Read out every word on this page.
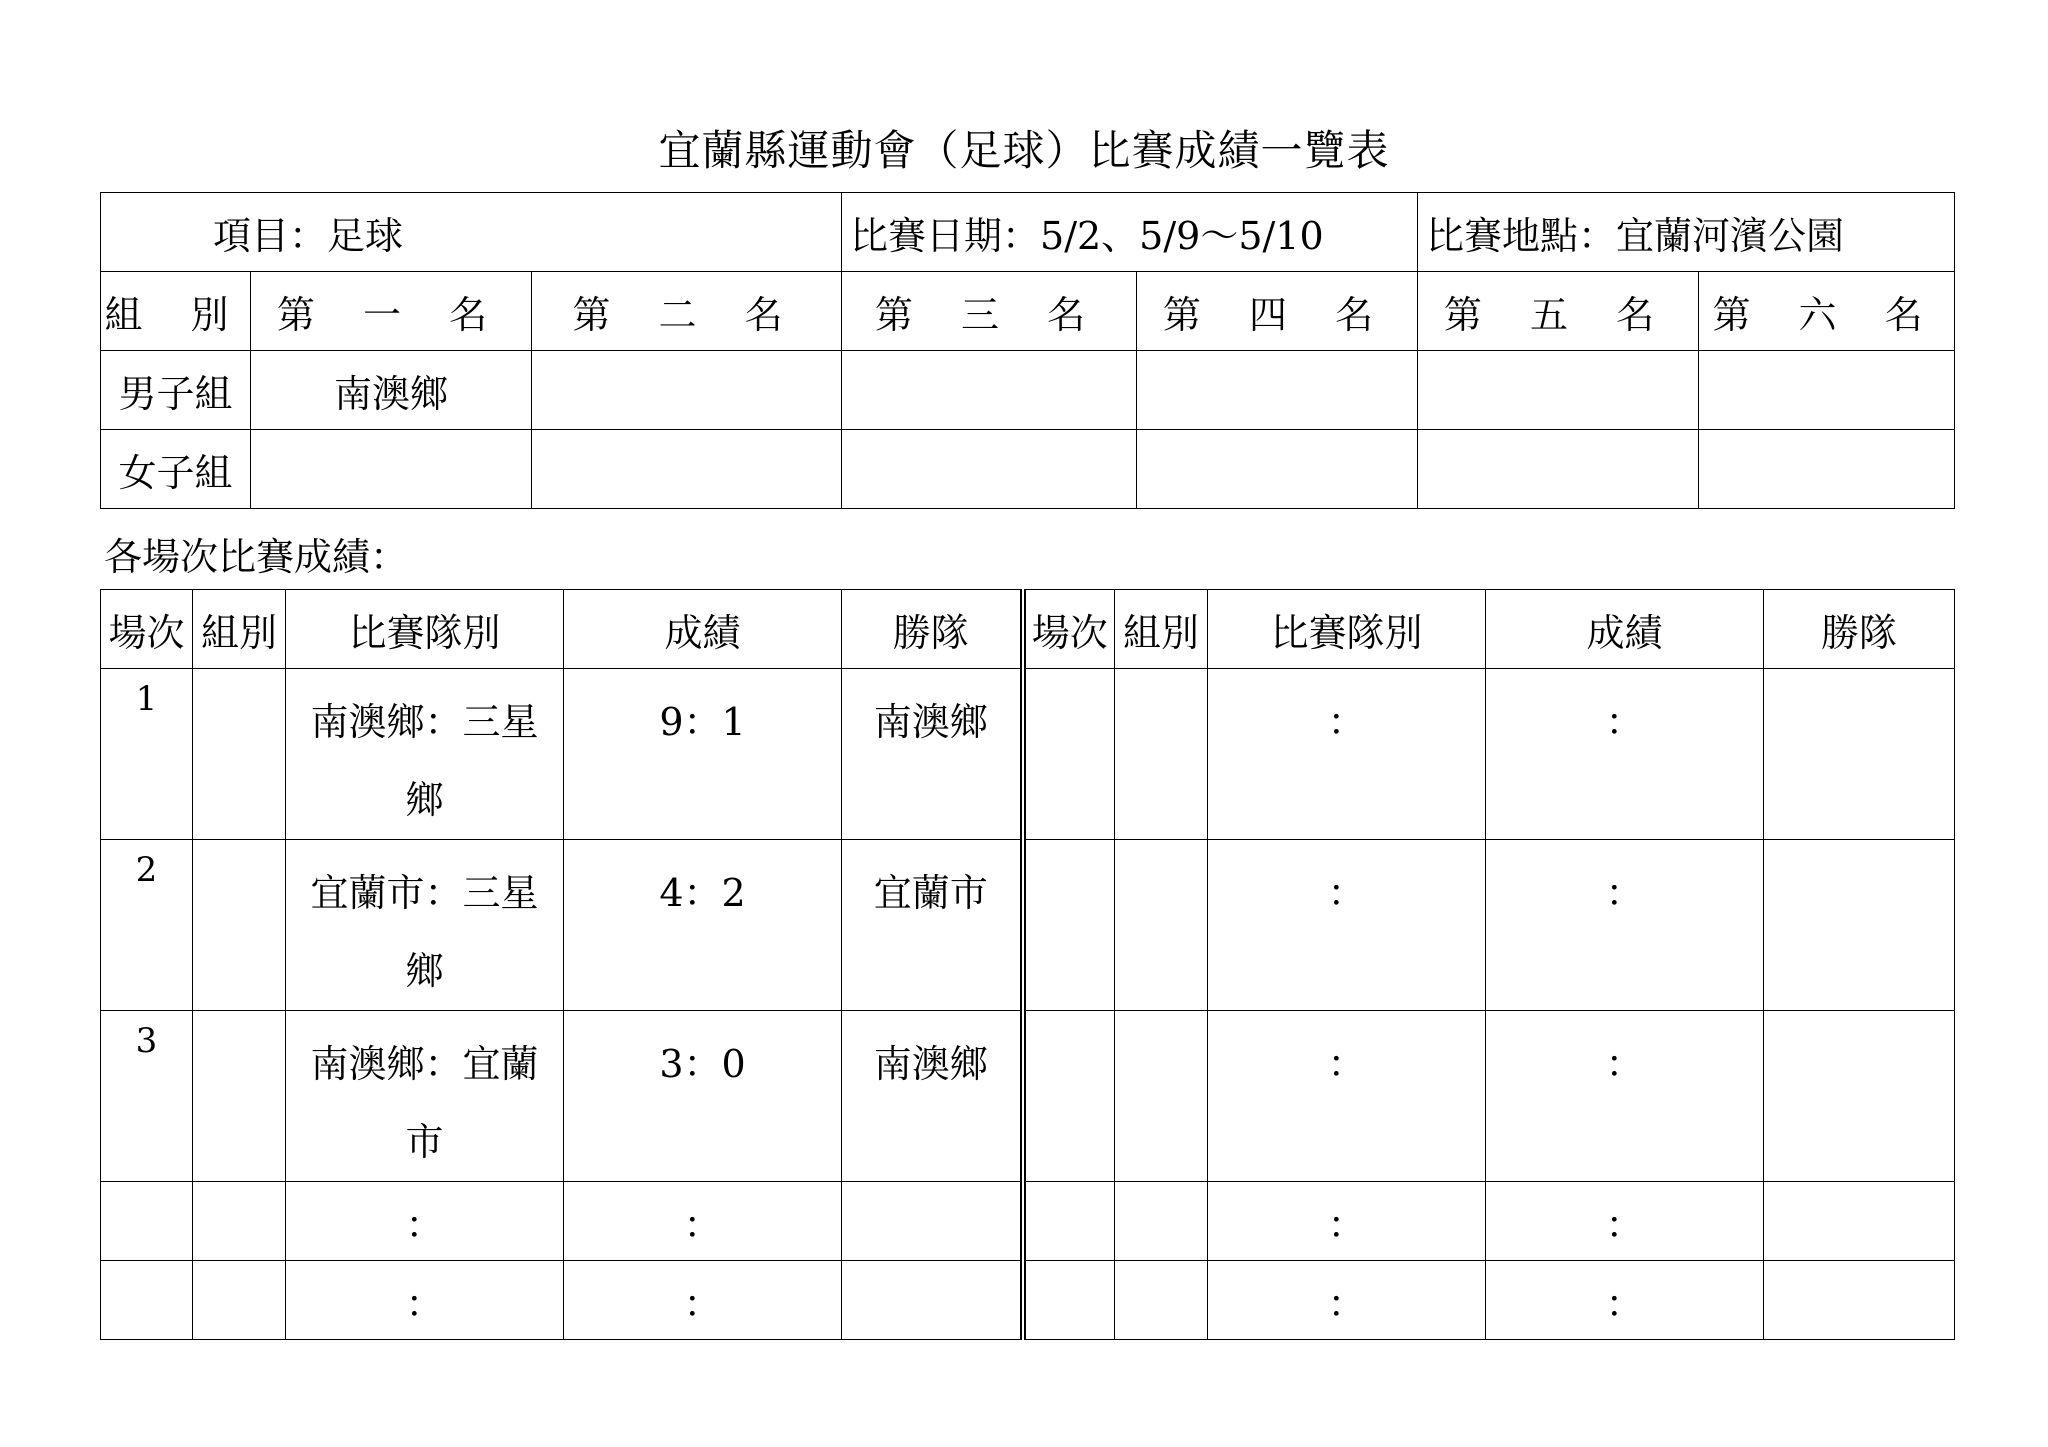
宜蘭縣運動會（足球）比賽成績一覽表
項目：足球			比賽日期：5/2、5/9～5/10		比賽地點：宜蘭河濱公園	
組 別	第 一 名	第 二 名	第 三 名	第 四 名	第 五 名	第 六 名
男子組	南澳鄉					
女子組						
各場次比賽成績：
場次	組別	比賽隊別	成績	勝隊	場次	組別	比賽隊別	成績	勝隊
1		南澳鄉：三星鄉	9：1	南澳鄉			：	：	
2		宜蘭市：三星鄉	4：2	宜蘭市			：	：	
3		南澳鄉：宜蘭市	3：0	南澳鄉			：	：	
		：	：				：	：	
		：	：				：	：	
